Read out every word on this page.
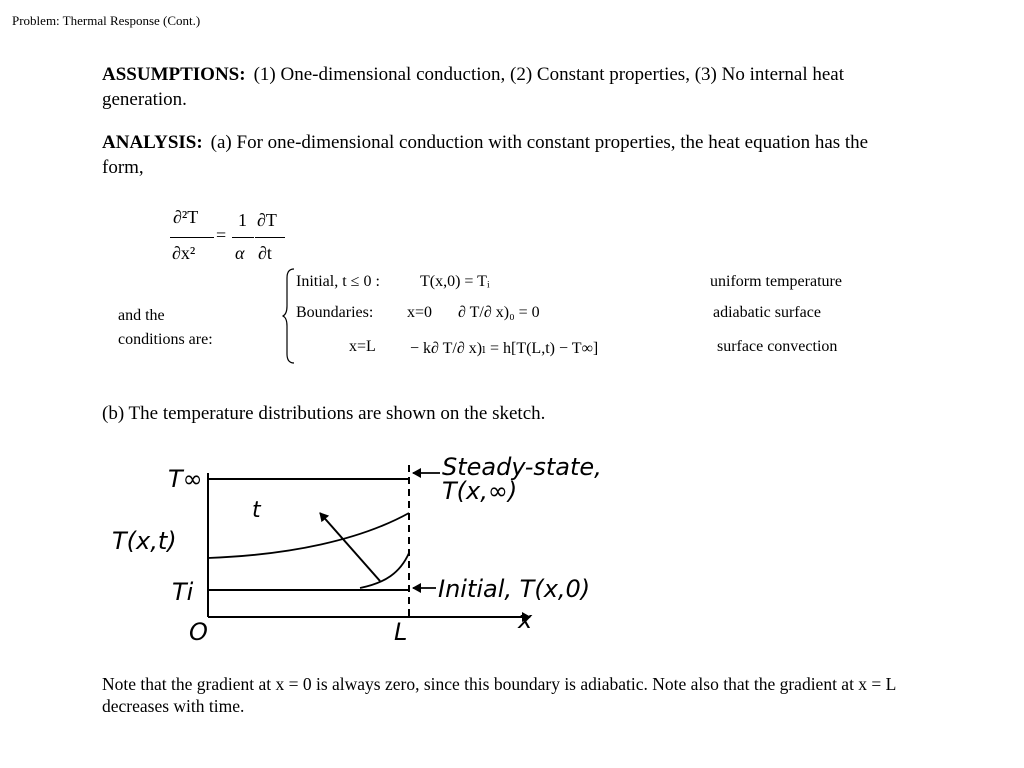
Problem: Thermal Response (Cont.)
ASSUMPTIONS: (1) One-dimensional conduction, (2) Constant properties, (3) No internal heat generation.
ANALYSIS: (a) For one-dimensional conduction with constant properties, the heat equation has the form,
∂²T
∂x²
=
1
α
∂T
∂t
and the
conditions are:
Initial, t ≤ 0 :	T(x,0) = Tᵢ	uniform temperature
Boundaries: x=0 ∂ T/∂ x)₀ = 0	adiabatic surface
x=L − k∂ T/∂ x)ₗ = h[T(L,t) − T∞]	surface convection
(b) The temperature distributions are shown on the sketch.
T∞
T(x,t)
Ti
O	L	x
t
Steady-state,
T(x,∞)
Initial, T(x,0)
Note that the gradient at x = 0 is always zero, since this boundary is adiabatic. Note also that the gradient at x = L decreases with time.
